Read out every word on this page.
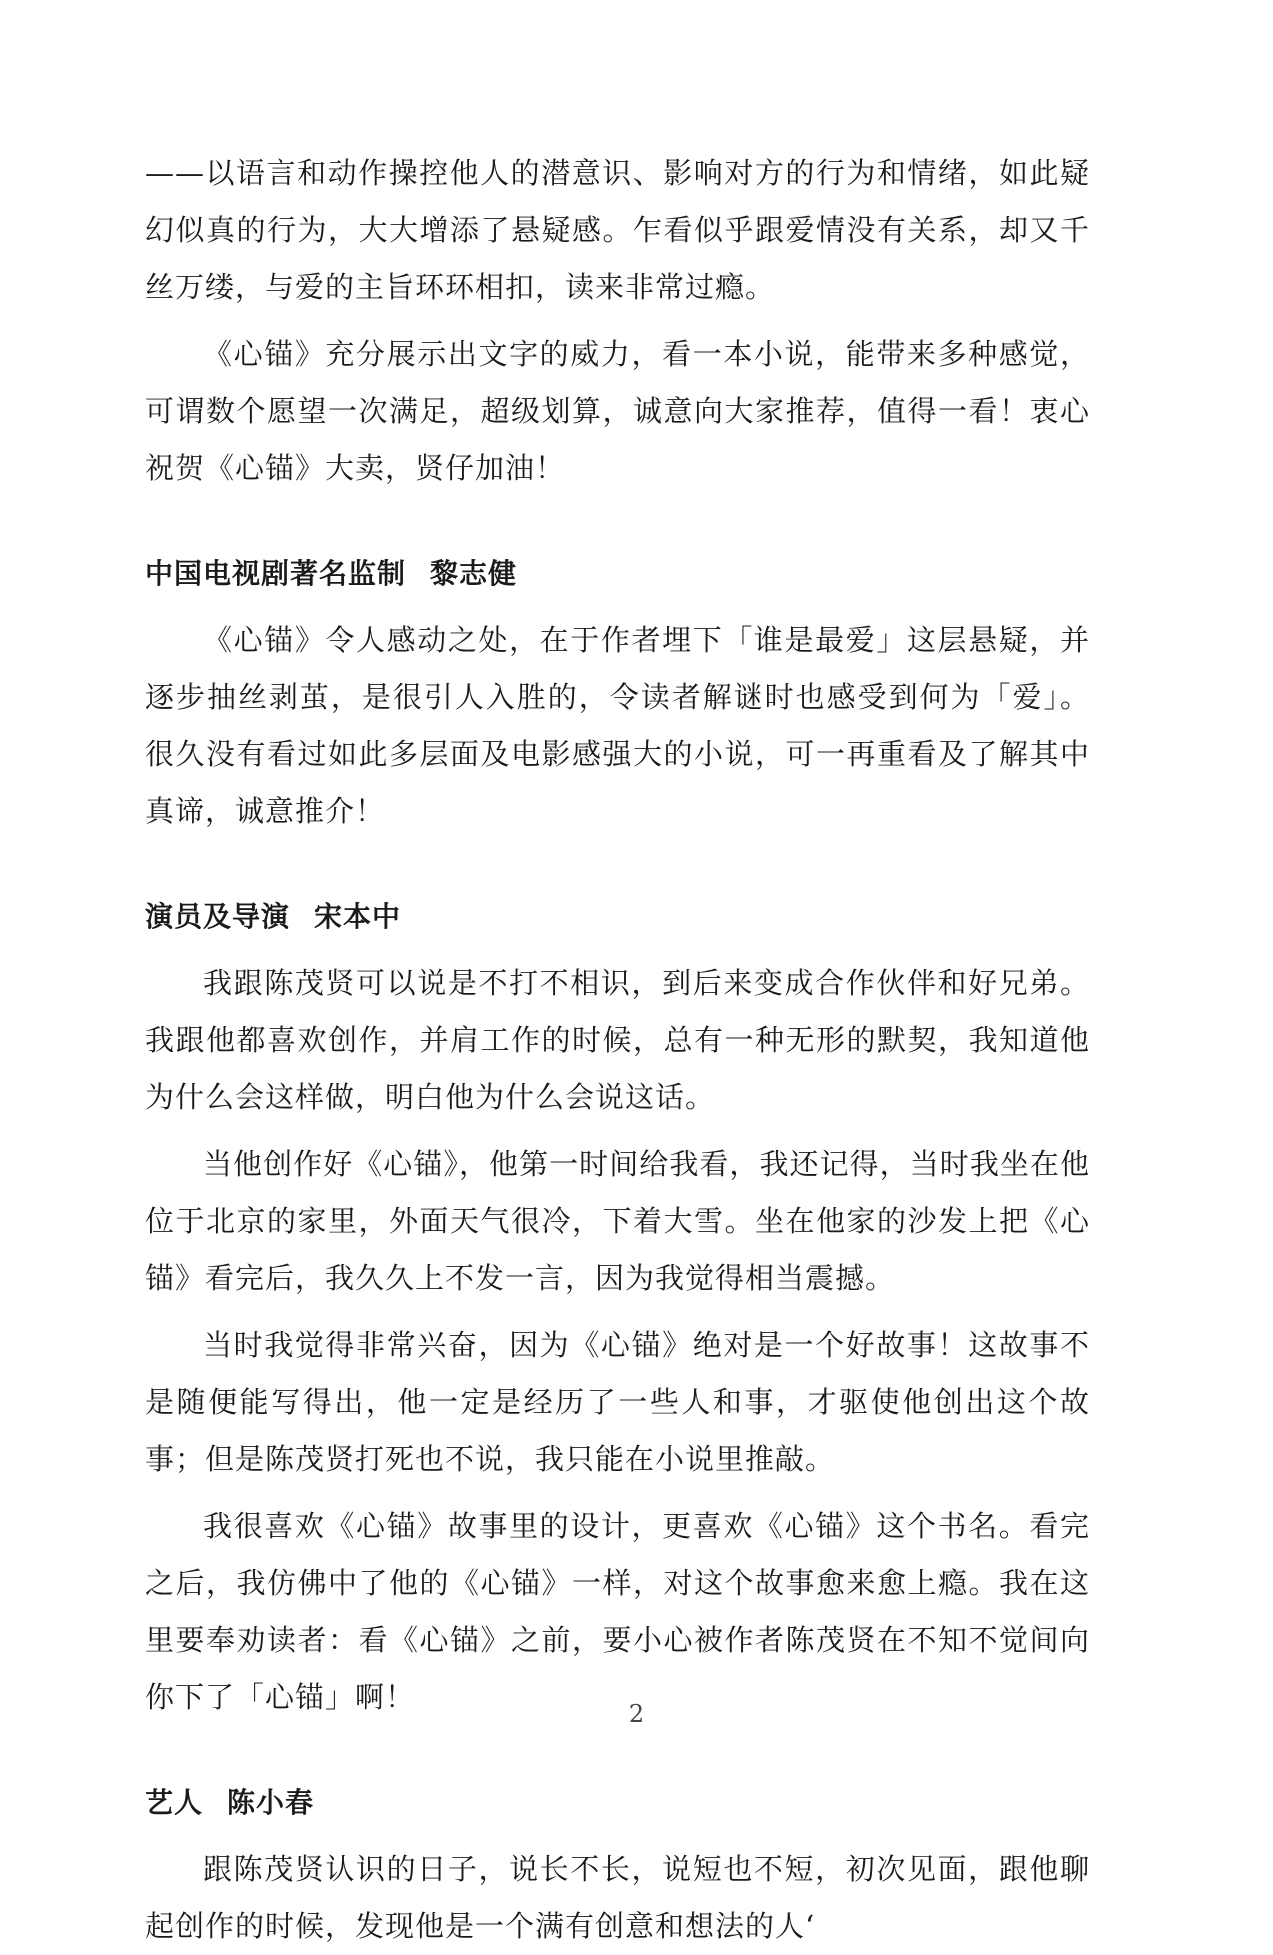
——以语言和动作操控他人的潜意识、影响对方的行为和情绪，如此疑幻似真的行为，大大增添了悬疑感。乍看似乎跟爱情没有关系，却又千丝万缕，与爱的主旨环环相扣，读来非常过瘾。

《心锚》充分展示出文字的威力，看一本小说，能带来多种感觉，可谓数个愿望一次满足，超级划算，诚意向大家推荐，值得一看！衷心祝贺《心锚》大卖，贤仔加油！

中国电视剧著名监制 黎志健

《心锚》令人感动之处，在于作者埋下「谁是最爱」这层悬疑，并逐步抽丝剥茧，是很引人入胜的，令读者解谜时也感受到何为「爱」。很久没有看过如此多层面及电影感强大的小说，可一再重看及了解其中真谛，诚意推介！

演员及导演 宋本中

我跟陈茂贤可以说是不打不相识，到后来变成合作伙伴和好兄弟。我跟他都喜欢创作，并肩工作的时候，总有一种无形的默契，我知道他为什么会这样做，明白他为什么会说这话。

当他创作好《心锚》，他第一时间给我看，我还记得，当时我坐在他位于北京的家里，外面天气很冷，下着大雪。坐在他家的沙发上把《心锚》看完后，我久久上不发一言，因为我觉得相当震撼。

当时我觉得非常兴奋，因为《心锚》绝对是一个好故事！这故事不是随便能写得出，他一定是经历了一些人和事，才驱使他创出这个故事；但是陈茂贤打死也不说，我只能在小说里推敲。

我很喜欢《心锚》故事里的设计，更喜欢《心锚》这个书名。看完之后，我仿佛中了他的《心锚》一样，对这个故事愈来愈上瘾。我在这里要奉劝读者：看《心锚》之前，要小心被作者陈茂贤在不知不觉间向你下了「心锚」啊！

艺人 陈小春

跟陈茂贤认识的日子，说长不长，说短也不短，初次见面，跟他聊起创作的时候，发现他是一个满有创意和想法的人‘

2
